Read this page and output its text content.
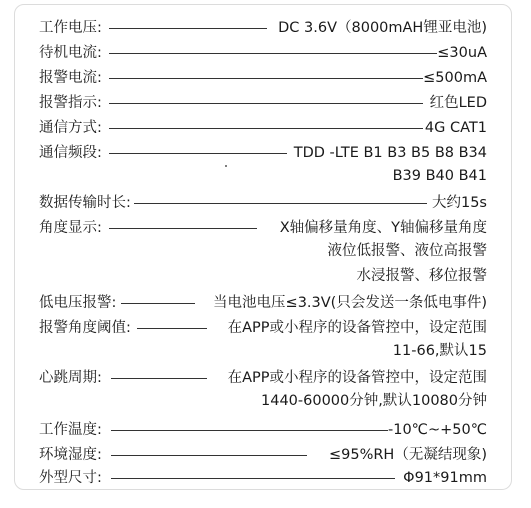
工作电压:	DC 3.6V（8000mAH锂亚电池)
待机电流:	≤30uA
报警电流:	≤500mA
报警指示:	红色LED
通信方式:	4G CAT1
通信频段:	TDD -LTE B1 B3 B5 B8 B34
B39 B40 B41
数据传输时长:	大约15s
角度显示:	X轴偏移量角度、Y轴偏移量角度
液位低报警、液位高报警
水浸报警、移位报警
低电压报警:	当电池电压≤3.3V(只会发送一条低电事件)
报警角度阈值:	在APP或小程序的设备管控中，设定范围
11-66,默认15
心跳周期:	在APP或小程序的设备管控中，设定范围
1440-60000分钟,默认10080分钟
工作温度:	-10℃~+50℃
环境湿度:	≤95%RH（无凝结现象)
外型尺寸:	Φ91*91mm
